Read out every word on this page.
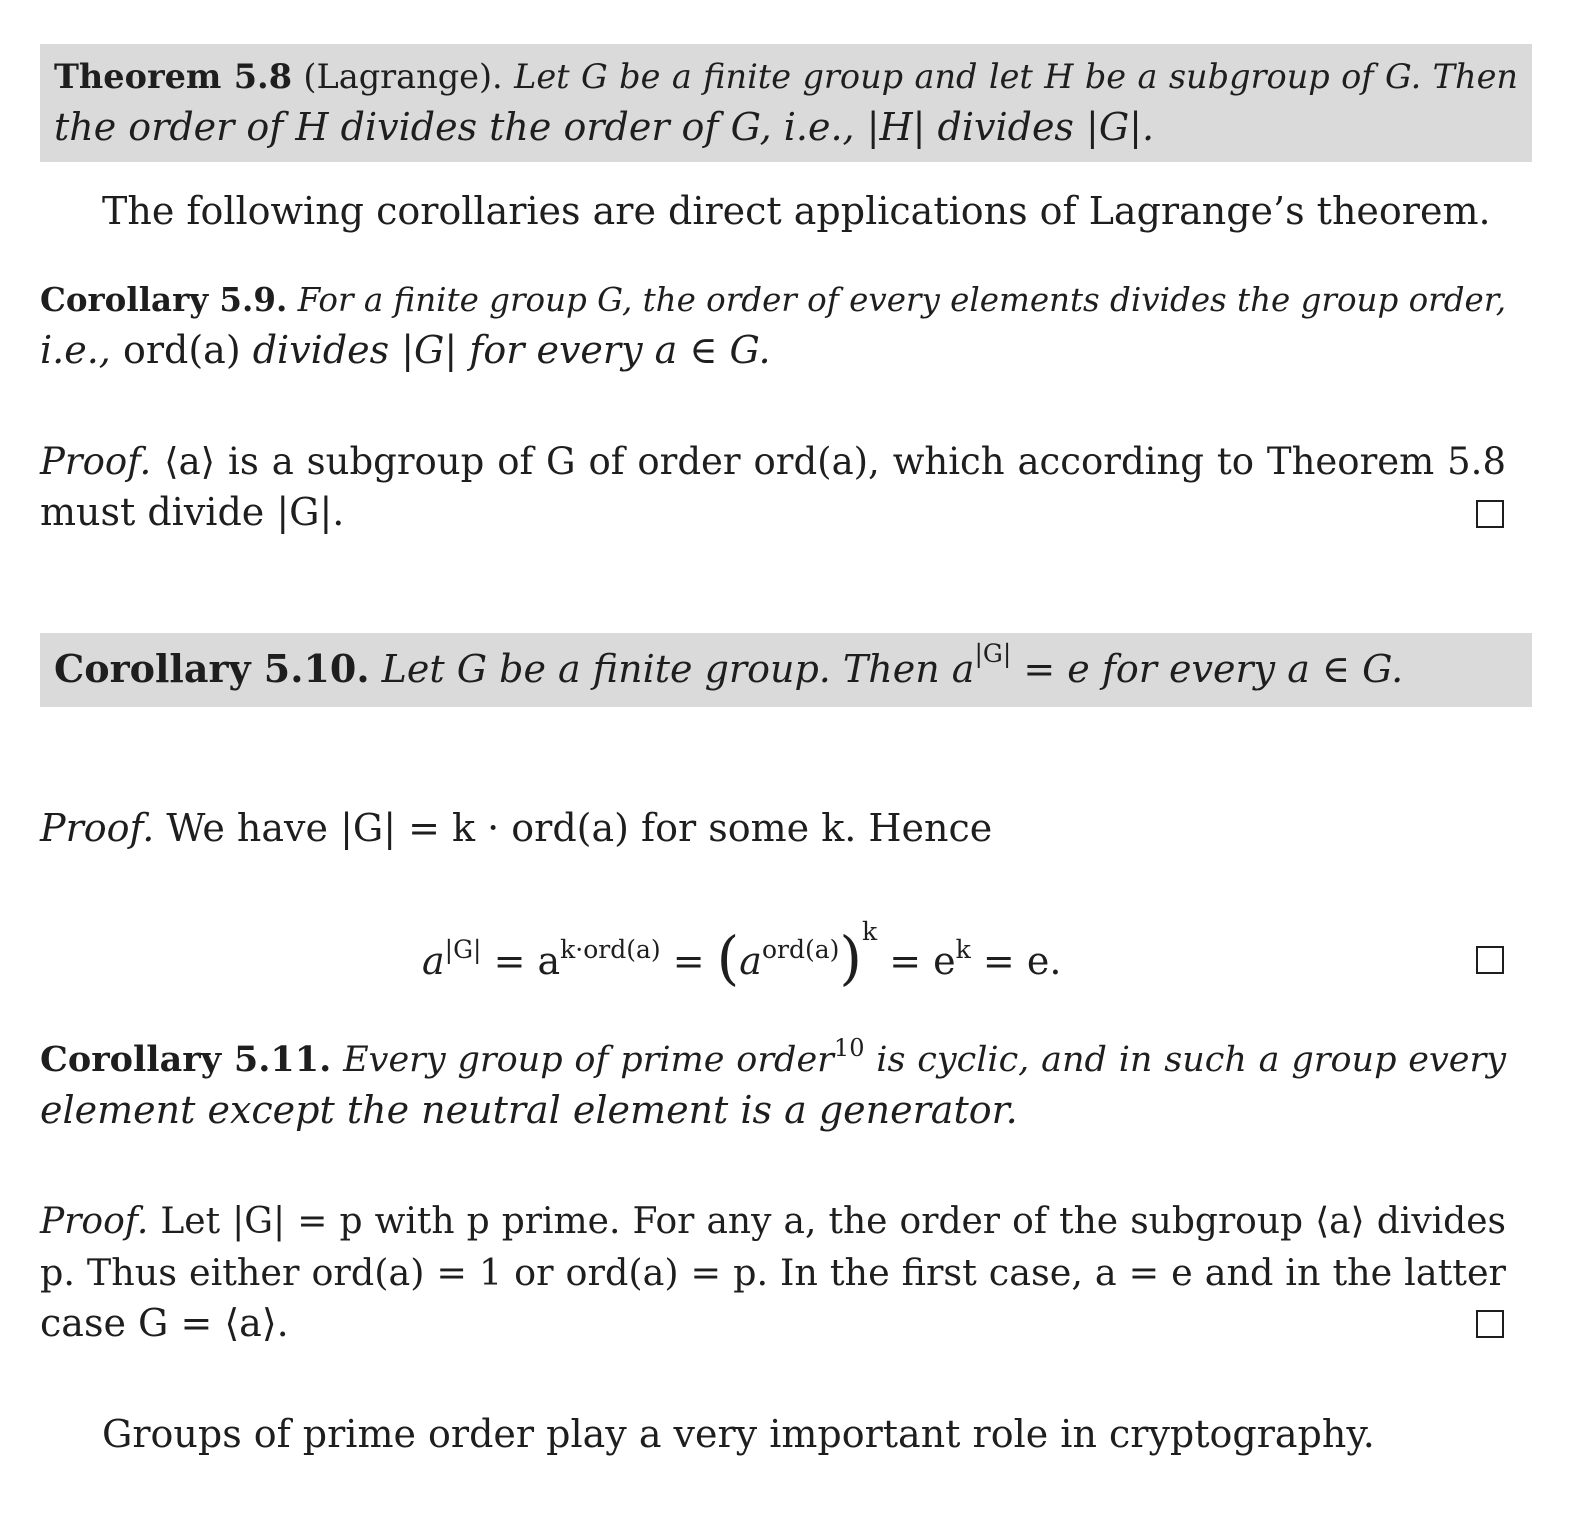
Theorem 5.8 (Lagrange). Let G be a finite group and let H be a subgroup of G. Then
the order of H divides the order of G, i.e., |H| divides |G|.
The following corollaries are direct applications of Lagrange’s theorem.
Corollary 5.9. For a finite group G, the order of every elements divides the group order,
i.e., ord(a) divides |G| for every a ∈ G.
Proof. ⟨a⟩ is a subgroup of G of order ord(a), which according to Theorem 5.8
must divide |G|.
Corollary 5.10. Let G be a finite group. Then $a^{|G|} = e$ for every a ∈ G.
Proof. We have |G| = k · ord(a) for some k. Hence
$a^{|G|} = a^{k\cdot ord(a)} = (a^{ord(a)})^k = e^k = e$.
Corollary 5.11. Every group of prime order$^{10}$ is cyclic, and in such a group every
element except the neutral element is a generator.
Proof. Let |G| = p with p prime. For any a, the order of the subgroup ⟨a⟩ divides
p. Thus either ord(a) = 1 or ord(a) = p. In the first case, a = e and in the latter
case G = ⟨a⟩.
Groups of prime order play a very important role in cryptography.
